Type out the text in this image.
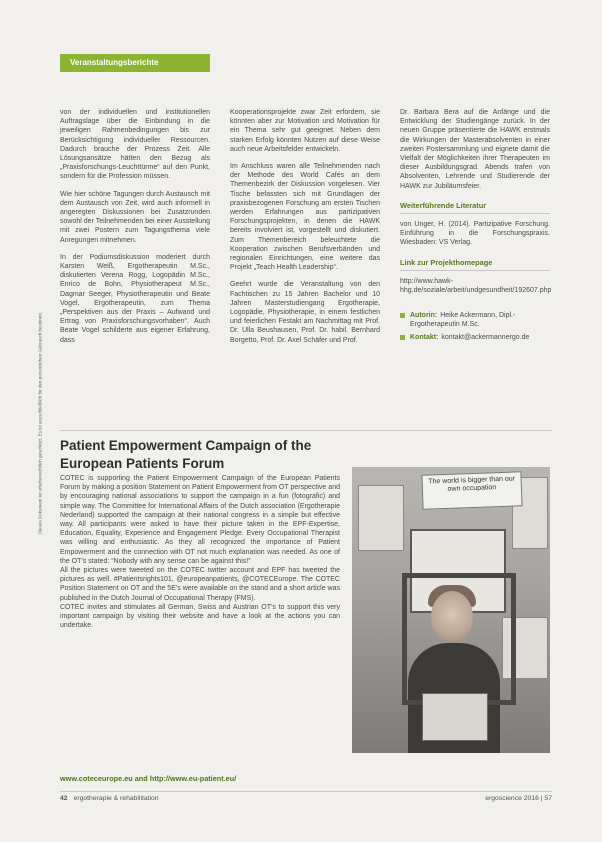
Veranstaltungsberichte
Dieses Dokument ist urheberrechtlich geschützt. Es ist ausschließlich für den persönlichen Gebrauch bestimmt.

von der individuellen und institutionellen Auftragslage über die Einbindung in die jeweiligen Rahmenbedingungen bis zur Berücksichtigung individueller Ressourcen. Dadurch brauche der Prozess Zeit. Alle Lösungsansätze hätten den Bezug als „Praxisforschungs-Leuchttürme“ auf den Punkt, sondern für die Profession müssen.

Wie hier schöne Tagungen durch Austausch mit dem Austausch von Zeit, wird auch informell in angeregten Diskussionen bei Zusatzrunden sowohl der Teilnehmenden bei einer Ausstellung mit zwei Postern zum Tagungsthema viele Anregungen mitnehmen.

In der Podiumsdiskussion moderiert durch Karsten Weiß, Ergotherapeutin M.Sc., diskutierten Verena Rogg, Logopädin M.Sc., Enrico de Bohn, Physiotherapeut M.Sc., Dagmar Seeger, Physiotherapeutin und Beate Vogel, Ergotherapeutin, zum Thema „Perspektiven aus der Praxis – Aufwand und Ertrag von Praxisforschungsvorhaben“. Auch Beate Vogel schilderte aus eigener Erfahrung, dass

Kooperationsprojekte zwar Zeit erfordern, sie könnten aber zur Motivation und Motivation für ein Thema sehr gut geeignet. Neben dem starken Erfolg könnten Nutzen auf diese Weise auch neue Arbeitsfelder entwickeln.

Im Anschluss waren alle Teilnehmenden nach der Methode des World Cafés an dem Themenbezirk der Diskussion vorgelesen. Vier Tische befassten sich mit Grundlagen der praxisbezogenen Forschung am ersten Tischen werden Erfahrungen aus partizipativen Forschungsprojekten, in denen die HAWK bereits involviert ist, vorgestellt und diskutiert. Zum Themenbereich beleuchtete die Kooperation zwischen Berufsverbänden und regionalen Einrichtungen, eine weitere das Projekt „Teach Health Leadership“.

Geehrt wurde die Veranstaltung von den Fachtischen zu 15 Jahren Bachelor und 10 Jahren Masterstudiengang Ergotherapie, Logopädie, Physiotherapie, in einem festlichen und feierlichen Festakt am Nachmittag mit Prof. Dr. Ulla Beushausen, Prof. Dr. habil. Bernhard Borgetto, Prof. Dr. Axel Schäfer und Prof.

Dr. Barbara Bera auf die Anfänge und die Entwicklung der Studiengänge zurück. In der neuen Gruppe präsentierte die HAWK erstmals die Wirkungen der Masterabsolventen in einer zweiten Postersammlung und eignete damit die Vielfalt der Möglichkeiten ihrer Therapeuten im dieser Ausbildungsgrad. Abends trafen von Absolventen, Lehrende und Studierende der HAWK zur Jubiläumsfeier.

Weiterführende Literatur

von Unger, H. (2014). Partizipative Forschung. Einführung in die Forschungspraxis. Wiesbaden: VS Verlag.

Link zur Projekthomepage

http://www.hawk-hhg.de/soziale/arbeit/undgesundheit/192607.php

Autorin: Heike Ackermann, Dipl.-Ergotherapeutin M.Sc.
Kontakt: kontakt@ackermannergo.de
Patient Empowerment Campaign of the European Patients Forum

COTEC is supporting the Patient Empowerment Campaign of the European Patients Forum by making a position Statement on Patient Empowerment from OT perspective and by encouraging national associations to support the campaign in a fun (fotografic) and simple way. The Committee for International Affairs of the Dutch association (Ergotherapie Nederland) supported the campaign at their national congress in a simple but effective way. All participants were asked to have their picture taken in the EPF-Expertise, Education, Equality, Experience and Engagement Pledge. Every Occupational Therapist was willing and enthusiastic. As they all recognized the importance of Patient Empowerment and the connection with OT not much explanation was needed. As one of the OT’s stated: “Nobody with any sense can be against this!”
All the pictures were tweeted on the COTEC twitter account and EPF has tweeted the pictures as well. #Patientsrights101, @europeanpatients, @COTECEurope. The COTEC Position Statement on OT and the 5E’s were available on the stand and a short article was published in the Dutch Journal of Occupational Therapy (FMS).
COTEC invites and stimulates all German, Swiss and Austrian OT’s to support this very important campaign by visiting their website and have a look at the actions you can undertake.

www.coteceurope.eu and http://www.eu-patient.eu/
The world is bigger than our own occupation
42 ergotherapie & rehabilitation	ergoscience 2016 | 57
